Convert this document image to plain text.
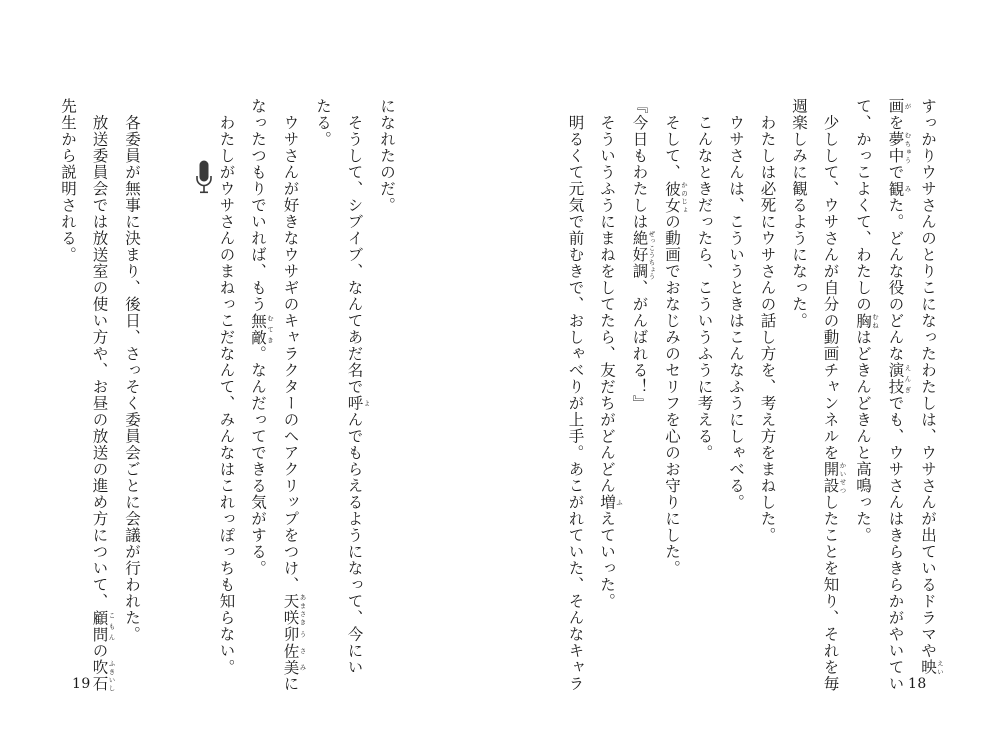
になれたのだ。
　そうして、シブイブ、なんてあだ名で呼 よんでもらえるようになって、今にい
たる。
　ウサさんが好きなウサギのキャラクターのヘアクリップをつけ、天咲 あまさき卯 う佐美 さみに
なったつもりでいれば、もう無敵 むてき。なんだってできる気がする。
　わたしがウサさんのまねっこだなんて、みんなはこれっぽっちも知らない。

　各委員が無事に決まり、後日、さっそく委員会ごとに会議が行われた。
　放送委員会では放送室の使い方や、お昼の放送の進め方について、顧問 こもんの吹石 ふきいし
先生から説明される。
19
すっかりウサさんのとりこになったわたしは、ウサさんが出ているドラマや映 えい
画 がを夢中 むちゅうで観 みた。どんな役のどんな演技 えんぎでも、ウサさんはきらきらかがやいてい
て、かっこよくて、わたしの胸 むねはどきんどきんと高鳴った。
　少しして、ウサさんが自分の動画チャンネルを開設 かいせつしたことを知り、それを毎
週楽しみに観るようになった。
　わたしは必死にウサさんの話し方を、考え方をまねした。
　ウサさんは、こういうときはこんなふうにしゃべる。
　こんなときだったら、こういうふうに考える。
　そして、彼女 かのじょの動画でおなじみのセリフを心のお守りにした。
『今日もわたしは絶好調 ぜっこうちょう、がんばれる！』
　そういうふうにまねをしてたら、友だちがどんどん増 ふえていった。
　明るくて元気で前むきで、おしゃべりが上手。あこがれていた、そんなキャラ	18
